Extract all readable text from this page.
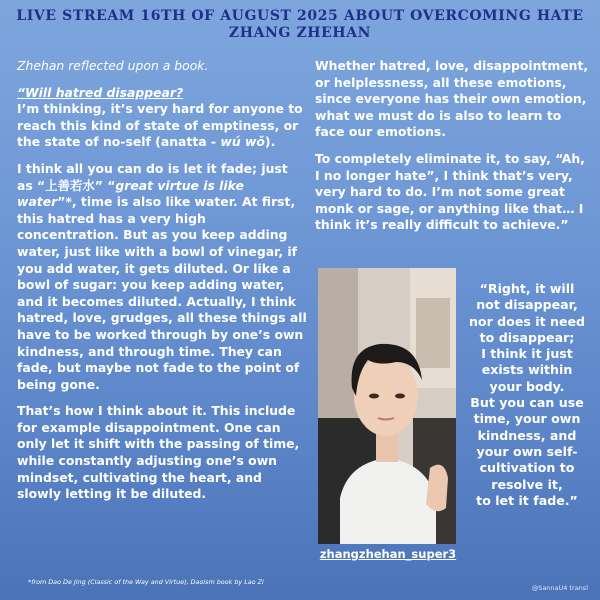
LIVE STREAM 16TH OF AUGUST 2025 ABOUT OVERCOMING HATE
ZHANG ZHEHAN
Zhehan reflected upon a book.
“Will hatred disappear?

I’m thinking, it’s very hard for anyone to reach this kind of state of emptiness, or the state of no-self (anatta - wú wǒ).

I think all you can do is let it fade; just as “上善若水” “great virtue is like water”*, time is also like water. At first, this hatred has a very high concentration. But as you keep adding water, just like with a bowl of vinegar, if you add water, it gets diluted. Or like a bowl of sugar: you keep adding water, and it becomes diluted. Actually, I think hatred, love, grudges, all these things all have to be worked through by one’s own kindness, and through time. They can fade, but maybe not fade to the point of being gone.

That’s how I think about it. This include for example disappointment. One can only let it shift with the passing of time, while constantly adjusting one’s own mindset, cultivating the heart, and slowly letting it be diluted.

Whether hatred, love, disappointment, or helplessness, all these emotions, since everyone has their own emotion, what we must do is also to learn to face our emotions.

To completely eliminate it, to say, “Ah, I no longer hate”, I think that’s very, very hard to do. I’m not some great monk or sage, or anything like that… I think it’s really difficult to achieve.”

zhangzhehan_super3
“Right, it will
not disappear,
nor does it need
to disappear;
I think it just
exists within
your body.
But you can use
time, your own
kindness, and
your own self-
cultivation to
resolve it,
to let it fade.”
*from Dao De Jing (Classic of the Way and Virtue), Daoism book by Lao Zi
@SannaU4 transl
